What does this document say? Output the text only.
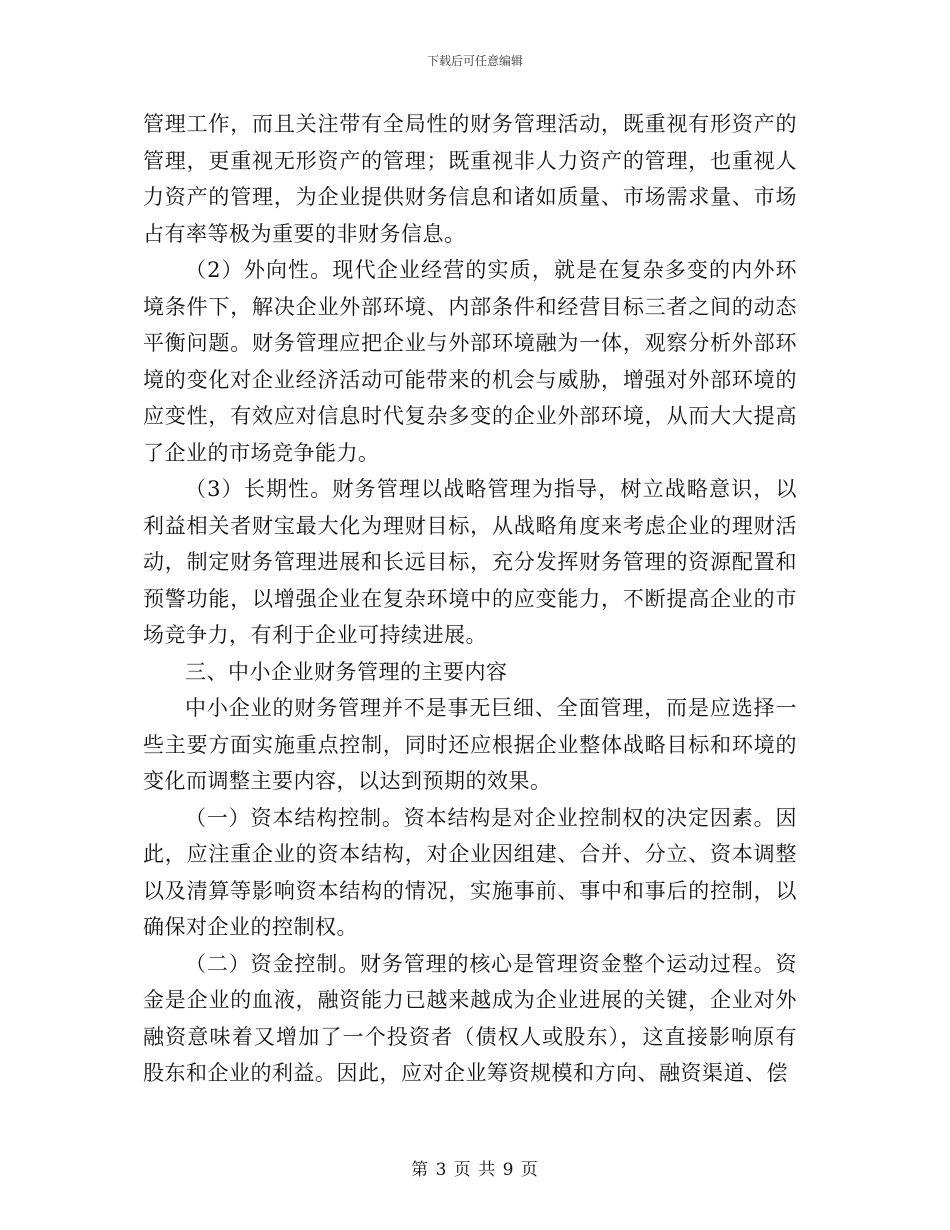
下载后可任意编辑

管理工作，而且关注带有全局性的财务管理活动，既重视有形资产的管理，更重视无形资产的管理；既重视非人力资产的管理，也重视人力资产的管理，为企业提供财务信息和诸如质量、市场需求量、市场占有率等极为重要的非财务信息。

（2）外向性。现代企业经营的实质，就是在复杂多变的内外环境条件下，解决企业外部环境、内部条件和经营目标三者之间的动态平衡问题。财务管理应把企业与外部环境融为一体，观察分析外部环境的变化对企业经济活动可能带来的机会与威胁，增强对外部环境的应变性，有效应对信息时代复杂多变的企业外部环境，从而大大提高了企业的市场竞争能力。

（3）长期性。财务管理以战略管理为指导，树立战略意识，以利益相关者财宝最大化为理财目标，从战略角度来考虑企业的理财活动，制定财务管理进展和长远目标，充分发挥财务管理的资源配置和预警功能，以增强企业在复杂环境中的应变能力，不断提高企业的市场竞争力，有利于企业可持续进展。

三、中小企业财务管理的主要内容

中小企业的财务管理并不是事无巨细、全面管理，而是应选择一些主要方面实施重点控制，同时还应根据企业整体战略目标和环境的变化而调整主要内容，以达到预期的效果。

（一）资本结构控制。资本结构是对企业控制权的决定因素。因此，应注重企业的资本结构，对企业因组建、合并、分立、资本调整以及清算等影响资本结构的情况，实施事前、事中和事后的控制，以确保对企业的控制权。

（二）资金控制。财务管理的核心是管理资金整个运动过程。资金是企业的血液，融资能力已越来越成为企业进展的关键，企业对外融资意味着又增加了一个投资者（债权人或股东），这直接影响原有股东和企业的利益。因此，应对企业筹资规模和方向、融资渠道、偿

第 3 页 共 9 页
